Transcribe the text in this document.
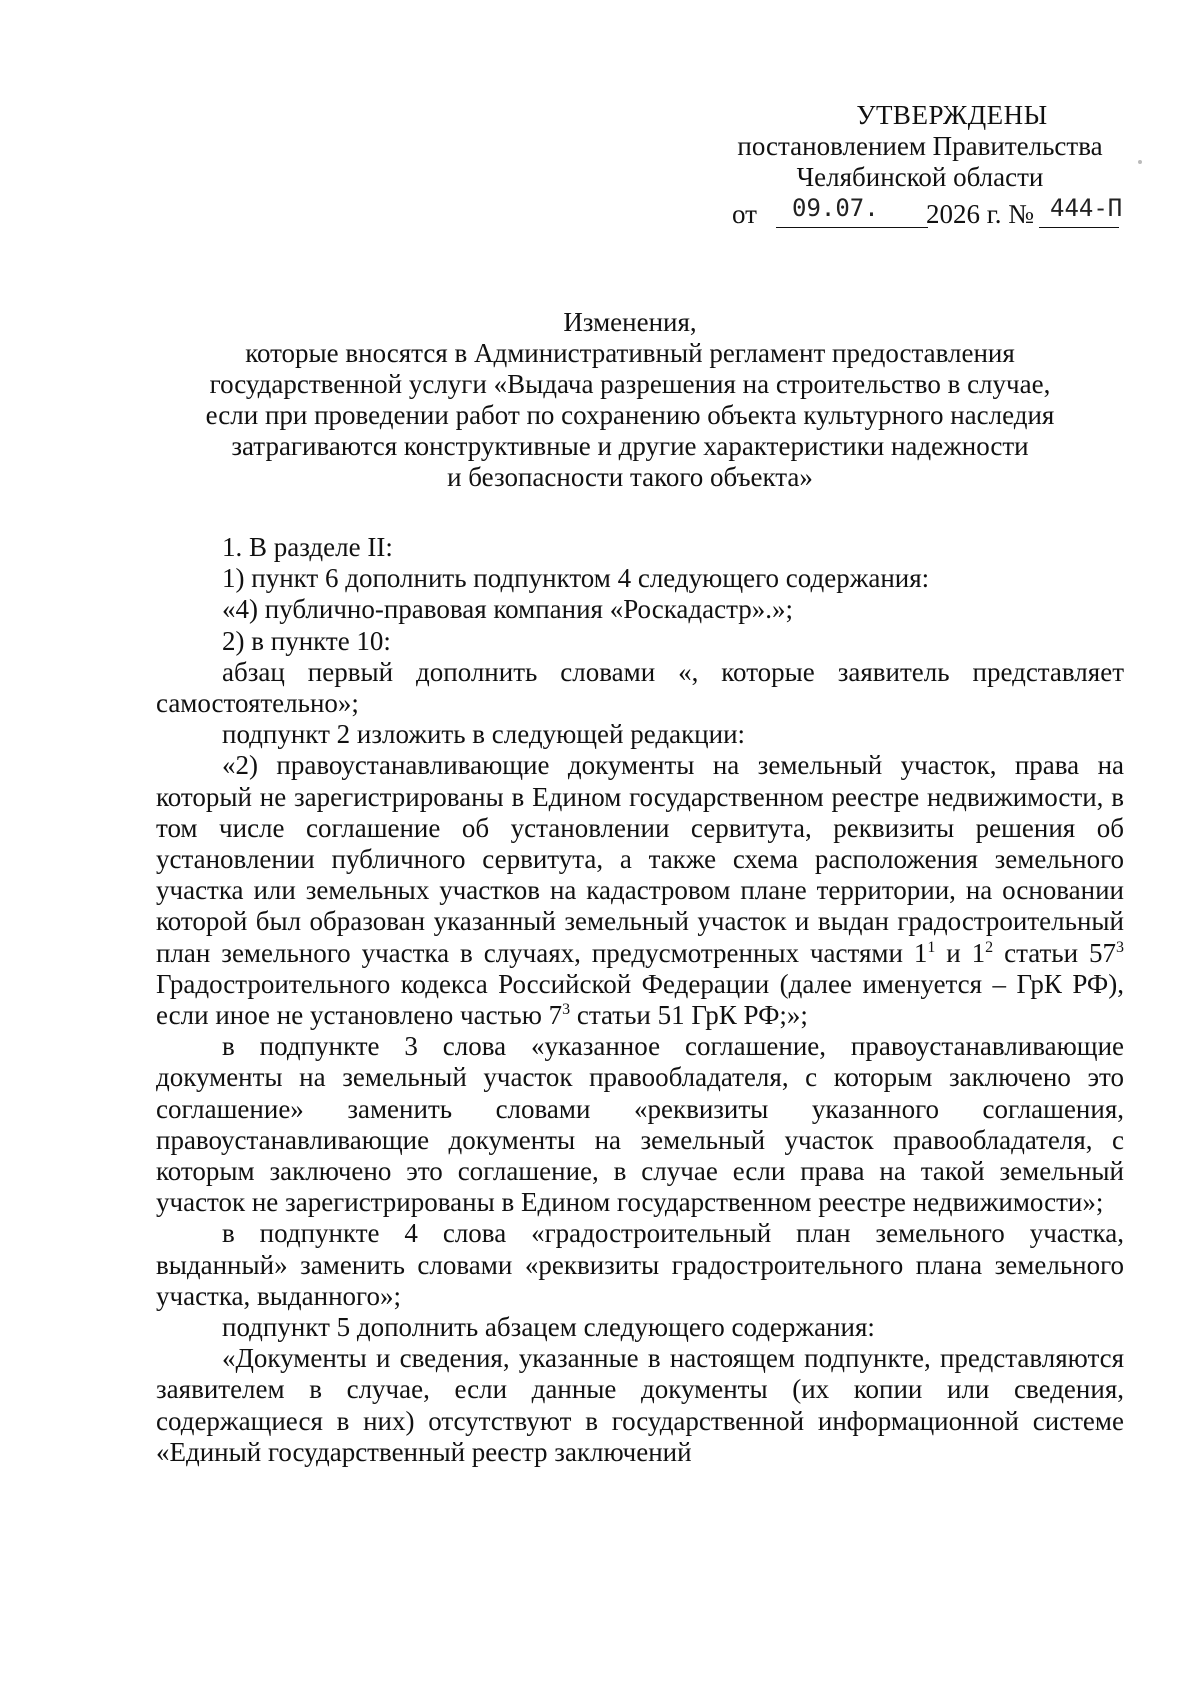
УТВЕРЖДЕНЫ
постановлением Правительства
Челябинской области
от 09.07. 2026 г. № 444-П
Изменения,
которые вносятся в Административный регламент предоставления
государственной услуги «Выдача разрешения на строительство в случае,
если при проведении работ по сохранению объекта культурного наследия
затрагиваются конструктивные и другие характеристики надежности
и безопасности такого объекта»

1. В разделе II:

1) пункт 6 дополнить подпунктом 4 следующего содержания:

«4) публично-правовая компания «Роскадастр».»;

2) в пункте 10:

абзац первый дополнить словами «, которые заявитель представляет самостоятельно»;

подпункт 2 изложить в следующей редакции:

«2) правоустанавливающие документы на земельный участок, права на который не зарегистрированы в Едином государственном реестре недвижимости, в том числе соглашение об установлении сервитута, реквизиты решения об установлении публичного сервитута, а также схема расположения земельного участка или земельных участков на кадастровом плане территории, на основании которой был образован указанный земельный участок и выдан градостроительный план земельного участка в случаях, предусмотренных частями $1^1$ и $1^2$ статьи $57^3$ Градостроительного кодекса Российской Федерации (далее именуется – ГрК РФ), если иное не установлено частью $7^3$ статьи 51 ГрК РФ;»;

в подпункте 3 слова «указанное соглашение, правоустанавливающие документы на земельный участок правообладателя, с которым заключено это соглашение» заменить словами «реквизиты указанного соглашения, правоустанавливающие документы на земельный участок правообладателя, с которым заключено это соглашение, в случае если права на такой земельный участок не зарегистрированы в Едином государственном реестре недвижимости»;

в подпункте 4 слова «градостроительный план земельного участка, выданный» заменить словами «реквизиты градостроительного плана земельного участка, выданного»;

подпункт 5 дополнить абзацем следующего содержания:

«Документы и сведения, указанные в настоящем подпункте, представляются заявителем в случае, если данные документы (их копии или сведения, содержащиеся в них) отсутствуют в государственной информационной системе «Единый государственный реестр заключений
